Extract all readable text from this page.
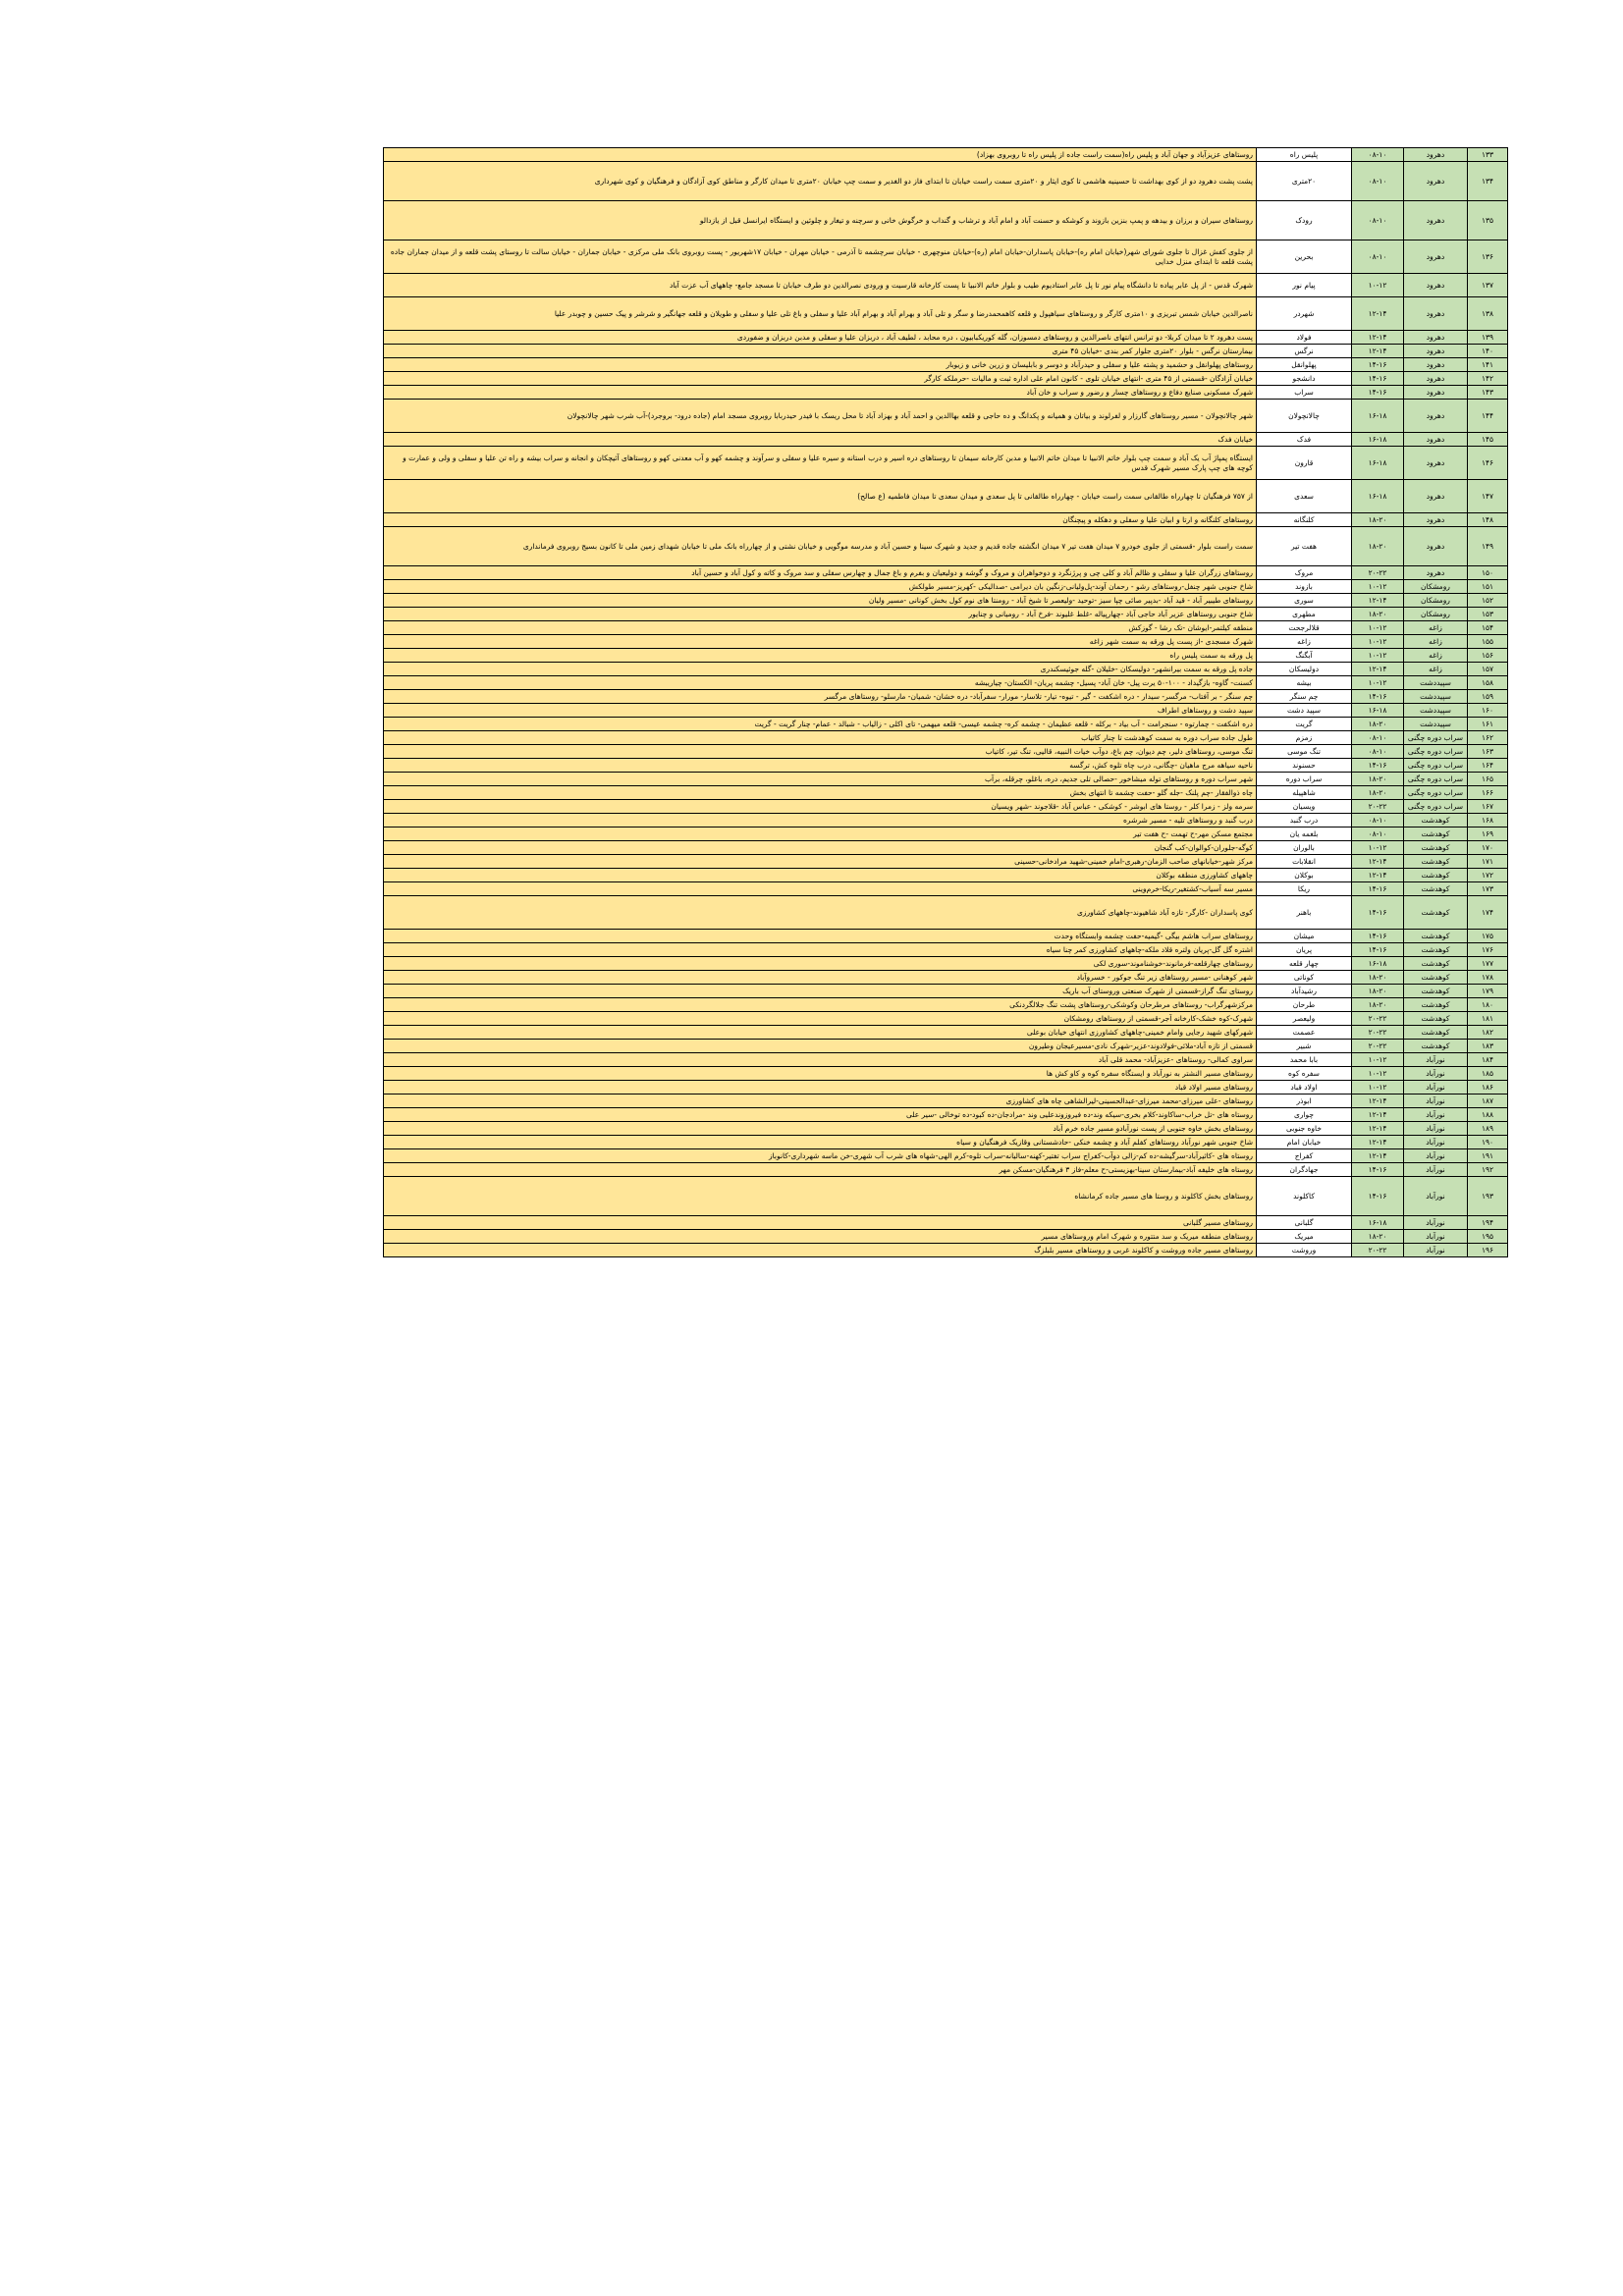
۱۳۳	دهرود	۰۸-۱۰	پلیس راه	روستاهای عزیزآباد و جهان آباد و پلیس راه(سمت راست جاده از پلیس راه تا روبروی بهزاد)
۱۳۴	دهرود	۰۸-۱۰	۲۰متری	پشت پشت دهرود دو از کوی بهداشت تا حسینیه هاشمی تا کوی ایثار و ۲۰متری سمت راست خیابان تا ابتدای فاز دو الغدیر و سمت چپ خیابان ۲۰متری تا میدان کارگر و مناطق کوی آزادگان و فرهنگیان و کوی شهرداری
۱۳۵	دهرود	۰۸-۱۰	رودک	روستاهای سیران و برزان و بیدهه و پمپ بنزین بازوند و کوشکه و حسنت آباد و امام آباد و ترشاب و گنداب و خرگوش خانی و سرچنه و تیغار و چلوئین و ایستگاه ایرانسل قبل از یازدالو
۱۳۶	دهرود	۰۸-۱۰	بحرین	از جلوی کفش غزال تا جلوی شورای شهر(خیابان امام ره)-خیابان پاسداران-خیابان امام (ره)-خیابان منوچهری - خیابان سرچشمه تا آذرمی - خیابان مهران - خیابان ۱۷شهریور - پست روبروی بانک ملی مرکزی - خیابان جماران - خیابان سالت تا روستای پشت قلعه و از میدان جماران جاده پشت قلعه تا ابتدای منزل خدایی
۱۳۷	دهرود	۱۰-۱۲	پیام نور	شهرک قدس - از پل عابر پیاده تا دانشگاه پیام نور تا پل عابر استادیوم طیب و بلوار خاتم الانبیا تا پست کارخانه قارسیت و ورودی نصرالدین دو طرف خیابان تا مسجد جامع- چاههای آب عزت آباد
۱۳۸	دهرود	۱۲-۱۴	شهردر	ناصرالدین خیابان شمس تبریزی و ۱۰متری کارگر و روستاهای سیاهپول و قلعه کاهمحمدرضا و سگر و تلی آباد و بهرام آباد و بهرام آباد علیا و سفلی و باغ تلی علیا و سفلی و طویلان و قلعه جهانگیر و شرشر و پیک حسین و چوبدر علیا
۱۳۹	دهرود	۱۲-۱۴	فولاد	پست دهرود ۲ تا میدان کربلا- دو ترانس انتهای ناصرالدین و روستاهای دمسوزان، گله کوریکبابیون ، دره محابد ، لطیف آباد ، دربزان علیا و سفلی و مدبن دربزان و ضفوردی
۱۴۰	دهرود	۱۲-۱۴	نرگس	بیمارستان نرگس - بلوار ۲۰متری جلوار کمر بندی -خیابان ۴۵ متری
۱۴۱	دهرود	۱۴-۱۶	پهلوانقل	روستاهای پهلوانقل و حشمید و پشته علیا و سفلی و حیدرآباد و دوسر و بابلیسان و زرین خانی و زیوبار
۱۴۲	دهرود	۱۴-۱۶	دانشجو	خیابان آزادگان -قسمتی از ۴۵ متری -انتهای خیابان تلوی - کانون امام علی اداره ثبت و مالیات -حرملکه کارگر
۱۴۳	دهرود	۱۴-۱۶	سراب	شهرک مسکونی صنایع دفاع و روستاهای چسار و رضور و سراب و خان آباد
۱۴۴	دهرود	۱۶-۱۸	چالانچولان	شهر چالانچولان - مسیر روستاهای گارزار و لفرلوند و بیاتان و همیانه و پکدانگ و ده حاجی و قلعه بهاالدین و احمد آباد و بهزاد آباد تا محل ریسک با فیدر حیدربابا روبروی مسجد امام (جاده درود- بروجرد)-آب شرب شهر چالانچولان
۱۴۵	دهرود	۱۶-۱۸	فدک	خیابان فدک
۱۴۶	دهرود	۱۶-۱۸	قارون	ایستگاه پمپاژ آب یک آباد و سمت چپ بلوار خاتم الانبیا تا میدان خاتم الانبیا و مدبن کارخانه سیمان تا روستاهای دره اسیر و درب استانه و سیره علیا و سفلی و سرآوند و چشمه کهو و آب معدنی کهو و روستاهای آئیچکان و انجانه و سراب بیشه و راه تن علیا و سفلی و ولی و عمارت و کوچه های چپ پارک مسیر شهرک قدس
۱۴۷	دهرود	۱۶-۱۸	سعدی	از ۷۵۷ فرهنگیان تا چهارراه طالقانی سمت راست خیابان - چهارراه طالقانی تا پل سعدی و میدان سعدی تا میدان فاطمیه (ع صالح)
۱۴۸	دهرود	۱۸-۲۰	کلنگانه	روستاهای کلنگانه و ارتا و ابیان علیا و سفلی و دهکله و پیچنگان
۱۴۹	دهرود	۱۸-۲۰	هفت تیر	سمت راست بلوار -قسمتی از جلوی خودرو ۷ میدان هفت تیر ۷ میدان انگشته جاده قدیم و جدید و شهرک سینا و حسین آباد و مدرسه موگویی و خیابان نشتی و از چهارراه بانک ملی تا خیابان شهدای زمین ملی تا کانون بسیج روبروی فرمانداری
۱۵۰	دهرود	۲۰-۲۲	مروک	روستاهای زرگران علیا و سفلی و ظالم آباد و کلی چی و پرژنگرد و دوخواهران و مروک و گوشه و دولیعیان و بفرم و باغ جمال و چهارس سفلی و سد مروک و کاته و کول آباد و حسین آباد
۱۵۱	رومشکان	۱۰-۱۲	بازوند	شاخ جنوبی شهر چنفل-روستاهای رشو - رحمان آوند-پل‌ولیانی-زنگین بان دیرامی -صدالیکی -کهریز-مسیر طولکش
۱۵۲	رومشکان	۱۲-۱۴	سوری	روستاهای طیبیر آباد - قید آباد -بدپیر صائی چپا سیز -توحید -ولیعصر تا شیخ آباد - رومنتا های نوم کول بخش کونانی -مسیر ولیان
۱۵۳	رومشکان	۱۸-۲۰	مطهری	شاخ جنوبی روستاهای عزیر آباد حاجی آباد -چهارپیاله -غلط غلیوند -فرخ آباد - رومیانی و چنایور
۱۵۴	زاغه	۱۰-۱۲	قلالرجحت	منطقه کیلتمر-ایوشان -تک رشا - گوزکش
۱۵۵	زاغه	۱۰-۱۲	زاغه	شهرک مسجدی -از پست پل ورقه به سمت شهر زاغه
۱۵۶	زاغه	۱۰-۱۲	آبگنگ	پل ورقه به سمت پلیس راه
۱۵۷	زاغه	۱۲-۱۴	دولیسکان	جاده پل ورقه به سمت بیرانشهر- دولیسکان -خلیلان -گله جوئیسکندری
۱۵۸	سپیددشت	۱۰-۱۲	بیشه	کسنت- گاوه- بازگیداد - ۱۰۰-۵۰ یرت پیل- خان آباد- پسیل- چشمه پریان- الکستان- چیاریبشه
۱۵۹	سپیددشت	۱۴-۱۶	چم سنگر	چم سنگر - بر آفتاب- مرگسر- سیدار - دره اشکفت - گیر - تیوه- تیار- تلاسار- مورار- سفرآباد- دره خشان- شمیان- مارسلو- روستاهای مرگسر
۱۶۰	سپیددشت	۱۶-۱۸	سپید دشت	سپید دشت و روستاهای اطراف
۱۶۱	سپیددشت	۱۸-۲۰	گریت	دره اشکفت - چمارتوه - سنجرامت - آب بیاد - برکله - قلعه عظیمان - چشمه کره- چشمه عیسی- قلعه میهمی- تای اکلی - زالیاب - شبالد - عمام- چنار گریت - گریت
۱۶۲	سراب دوره چگنی	۰۸-۱۰	زمزم	طول جاده سراب دوره به سمت کوهدشت تا چنار کاتیاب
۱۶۳	سراب دوره چگنی	۰۸-۱۰	تنگ موسی	تنگ موسی، روستاهای دلیر، چم دیوان، چم باغ، دوآب خیات النبیه، قالیی، تنگ تیر، کاتیاب
۱۶۴	سراب دوره چگنی	۱۴-۱۶	حسنوند	ناحیه سیاهه مرج ماهیان -چگانی، درب چاه تلوه کش، ترگسه
۱۶۵	سراب دوره چگنی	۱۸-۲۰	سراب دوره	شهر سراب دوره و روستاهای توله میشاخور -حصالی تلی جدیم، دره، باغلو، چرقله، برآب
۱۶۶	سراب دوره چگنی	۱۸-۲۰	شاهپیله	چاه ذوالفقار -چم پلنک -جله گلو -حفت چشمه تا انتهای بخش
۱۶۷	سراب دوره چگنی	۲۰-۲۲	ویسیان	سرمه ولز - زمرا کلر - روستا های ابوشر - کوشکی - عباس آباد -قلاجوند -شهر ویسیان
۱۶۸	کوهدشت	۰۸-۱۰	درب گنبد	درب گنبد و روستاهای تلیه - مسیر شرشره
۱۶۹	کوهدشت	۰۸-۱۰	بلغمه یان	مجتمع مسکن مهر-ح تهمت -ح هفت تیر
۱۷۰	کوهدشت	۱۰-۱۲	بالوران	کوگه-جلوران-کوالوان-کب گنجان
۱۷۱	کوهدشت	۱۲-۱۴	انقلابات	مرکز شهر-خیابانهای صاحب الزمان-رهبری-امام خمینی-شهید مرادخانی-حسینی
۱۷۲	کوهدشت	۱۲-۱۴	بوکلان	چاههای کشاورزی منطقه بوکلان
۱۷۳	کوهدشت	۱۴-۱۶	ریکا	مسیر سه آسیاب-کشتغیر-ریکا-خرم‌‌‌‌‌‌‌وینی
۱۷۴	کوهدشت	۱۴-۱۶	باهنر	کوی پاسداران -کارگر- تازه آباد شاهیوند-چاههای کشاورزی
۱۷۵	کوهدشت	۱۴-۱۶	میشان	روستاهای سراب هاشم بیگی -گیمیه-حفت چشمه وابستگاه وحدت
۱۷۶	کوهدشت	۱۴-۱۶	پریان	اشتره گل گل-پریان ولتره قلاد ملکه-چاههای کشاورزی کمر چنا سیاه
۱۷۷	کوهدشت	۱۶-۱۸	چهار قلعه	روستاهای چهارقلعه-فرمانوند-خوشناموند-سوری لکی
۱۷۸	کوهدشت	۱۸-۲۰	کوناتی	شهر کوهنانی -مسیر روستاهای زیر تنگ جوکور - خسروآباد
۱۷۹	کوهدشت	۱۸-۲۰	رشیدآباد	روستای تنگ گراز-قسمتی از شهرک صنعتی وروستای آب باریک
۱۸۰	کوهدشت	۱۸-۲۰	طرحان	مرکزشهرگراب- روستاهای مرطرحان وکوشکی-روستاهای پشت تنگ جلالگردنکی
۱۸۱	کوهدشت	۲۰-۲۲	ولیعصر	شهرک-کوه خشک-کارخانه آجر-قسمتی از روستاهای رومشکان
۱۸۲	کوهدشت	۲۰-۲۲	عصمت	شهرکهای شهید رجایی وامام خمینی-چاههای کشاورزی انتهای خیابان بوعلی
۱۸۳	کوهدشت	۲۰-۲۲	شبیر	قسمتی از تازه آباد-ملائی-فولادوند-عزیر-شهرک نادی-مسیرعیجان وطیرون
۱۸۴	نورآباد	۱۰-۱۲	بابا محمد	سراوی کمالی- روستاهای -عزیزآباد- محمد قلی آباد
۱۸۵	نورآباد	۱۰-۱۲	سفره کوه	روستاهای مسیر النشتر به نورآباد و ایستگاه سفره کوه و کاو کش ها
۱۸۶	نورآباد	۱۰-۱۲	اولاد قباد	روستاهای مسیر اولاد قباد
۱۸۷	نورآباد	۱۲-۱۴	ابوذر	روستاهای -علی میرزای-محمد میرزای-عبدالحسینی-لیرالشاهی چاه های کشاورزی
۱۸۸	نورآباد	۱۲-۱۴	چواری	روستاه های -تل خراب-ساکاوند-کلام بخری-سیکه وند-ده فیروزوندعلیی وند -مرادجان-ده کبود-ده توخالی -سیر علی
۱۸۹	نورآباد	۱۲-۱۴	خاوه جنوبی	روستاهای بخش خاوه جنوبی از پست نورآبادو مسیر جاده خرم آباد
۱۹۰	نورآباد	۱۲-۱۴	خیابان امام	شاخ جنوبی شهر نورآباد روستاهای کفلم آباد و چشمه خنکی -حادشستانی وقازیک فرهنگیان و سیاه
۱۹۱	نورآباد	۱۲-۱۴	کفراج	روستاه های -کاثیرآباد-سرگیشه-ده کم-زالی دوآب-کفراج سراب تفتیر-کهنه-سالیانه-سراب تلوه-کرم الهی-شهاه های شرب آب شهری-خن ماسه شهرداری-کانوباز
۱۹۲	نورآباد	۱۴-۱۶	جهادگران	روستاه های خلیفه آباد-بیمارستان سینا-بهزیستی-ح معلم-فاز ۳ فرهنگیان-مسکن مهر
۱۹۳	نورآباد	۱۴-۱۶	کاکلوند	روستاهای بخش کاکلوند و روستا های مسیر جاده کرمانشاه
۱۹۴	نورآباد	۱۶-۱۸	گلبانی	روستاهای مسیر گلبانی
۱۹۵	نورآباد	۱۸-۲۰	میریک	روستاهای منطقه میریک و سد متتوره و شهرک امام وروستاهای مسیر
۱۹۶	نورآباد	۲۰-۲۲	وروشت	روستاهای مسیر جاده وروشت و کاکلوند غربی و روستاهای مسیر بلبلزگ
